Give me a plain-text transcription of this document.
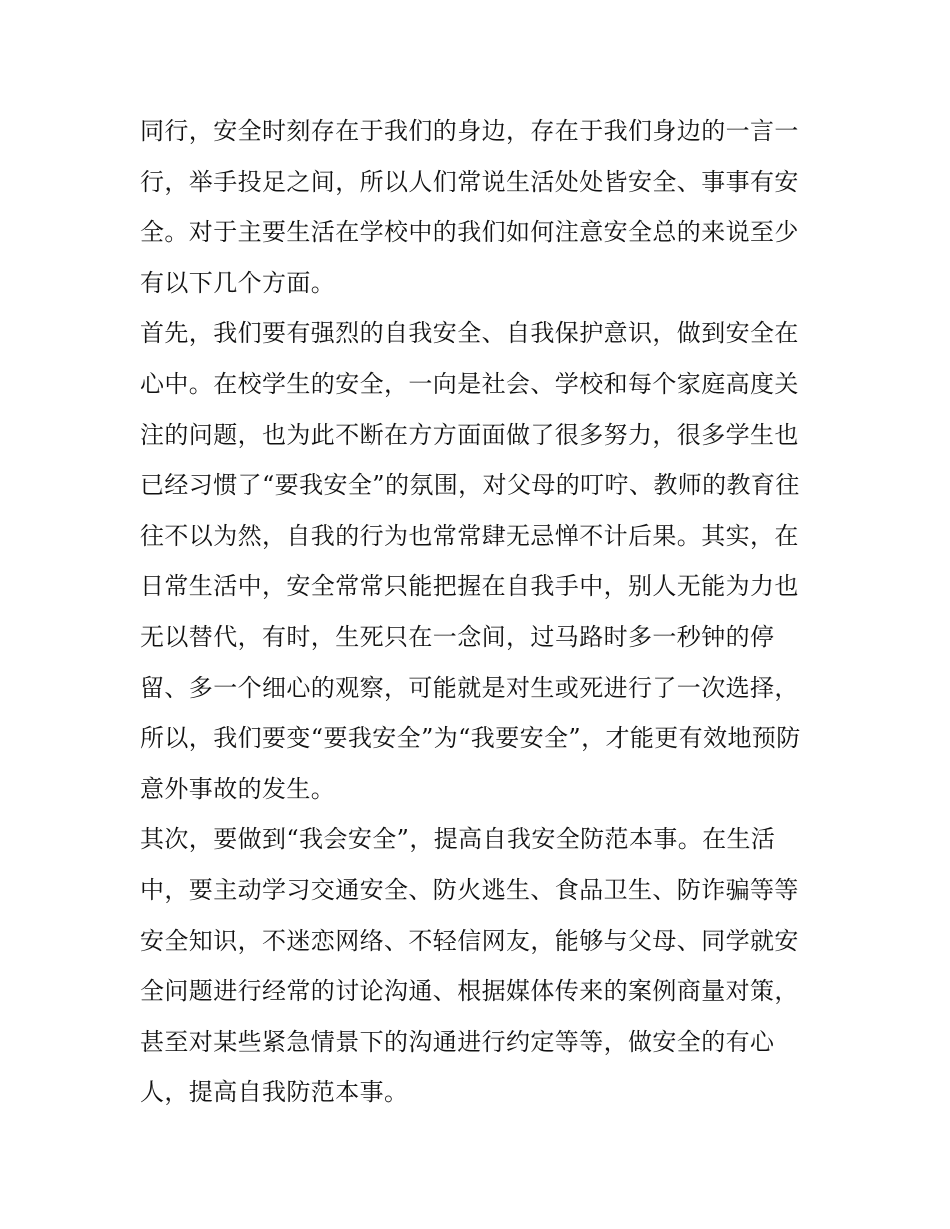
同行，安全时刻存在于我们的身边，存在于我们身边的一言一
行，举手投足之间，所以人们常说生活处处皆安全、事事有安
全。对于主要生活在学校中的我们如何注意安全总的来说至少
有以下几个方面。
首先，我们要有强烈的自我安全、自我保护意识，做到安全在
心中。在校学生的安全，一向是社会、学校和每个家庭高度关
注的问题，也为此不断在方方面面做了很多努力，很多学生也
已经习惯了“要我安全”的氛围，对父母的叮咛、教师的教育往
往不以为然，自我的行为也常常肆无忌惮不计后果。其实，在
日常生活中，安全常常只能把握在自我手中，别人无能为力也
无以替代，有时，生死只在一念间，过马路时多一秒钟的停
留、多一个细心的观察，可能就是对生或死进行了一次选择，
所以，我们要变“要我安全”为“我要安全”，才能更有效地预防
意外事故的发生。
其次，要做到“我会安全”，提高自我安全防范本事。在生活
中，要主动学习交通安全、防火逃生、食品卫生、防诈骗等等
安全知识，不迷恋网络、不轻信网友，能够与父母、同学就安
全问题进行经常的讨论沟通、根据媒体传来的案例商量对策，
甚至对某些紧急情景下的沟通进行约定等等，做安全的有心
人，提高自我防范本事。
